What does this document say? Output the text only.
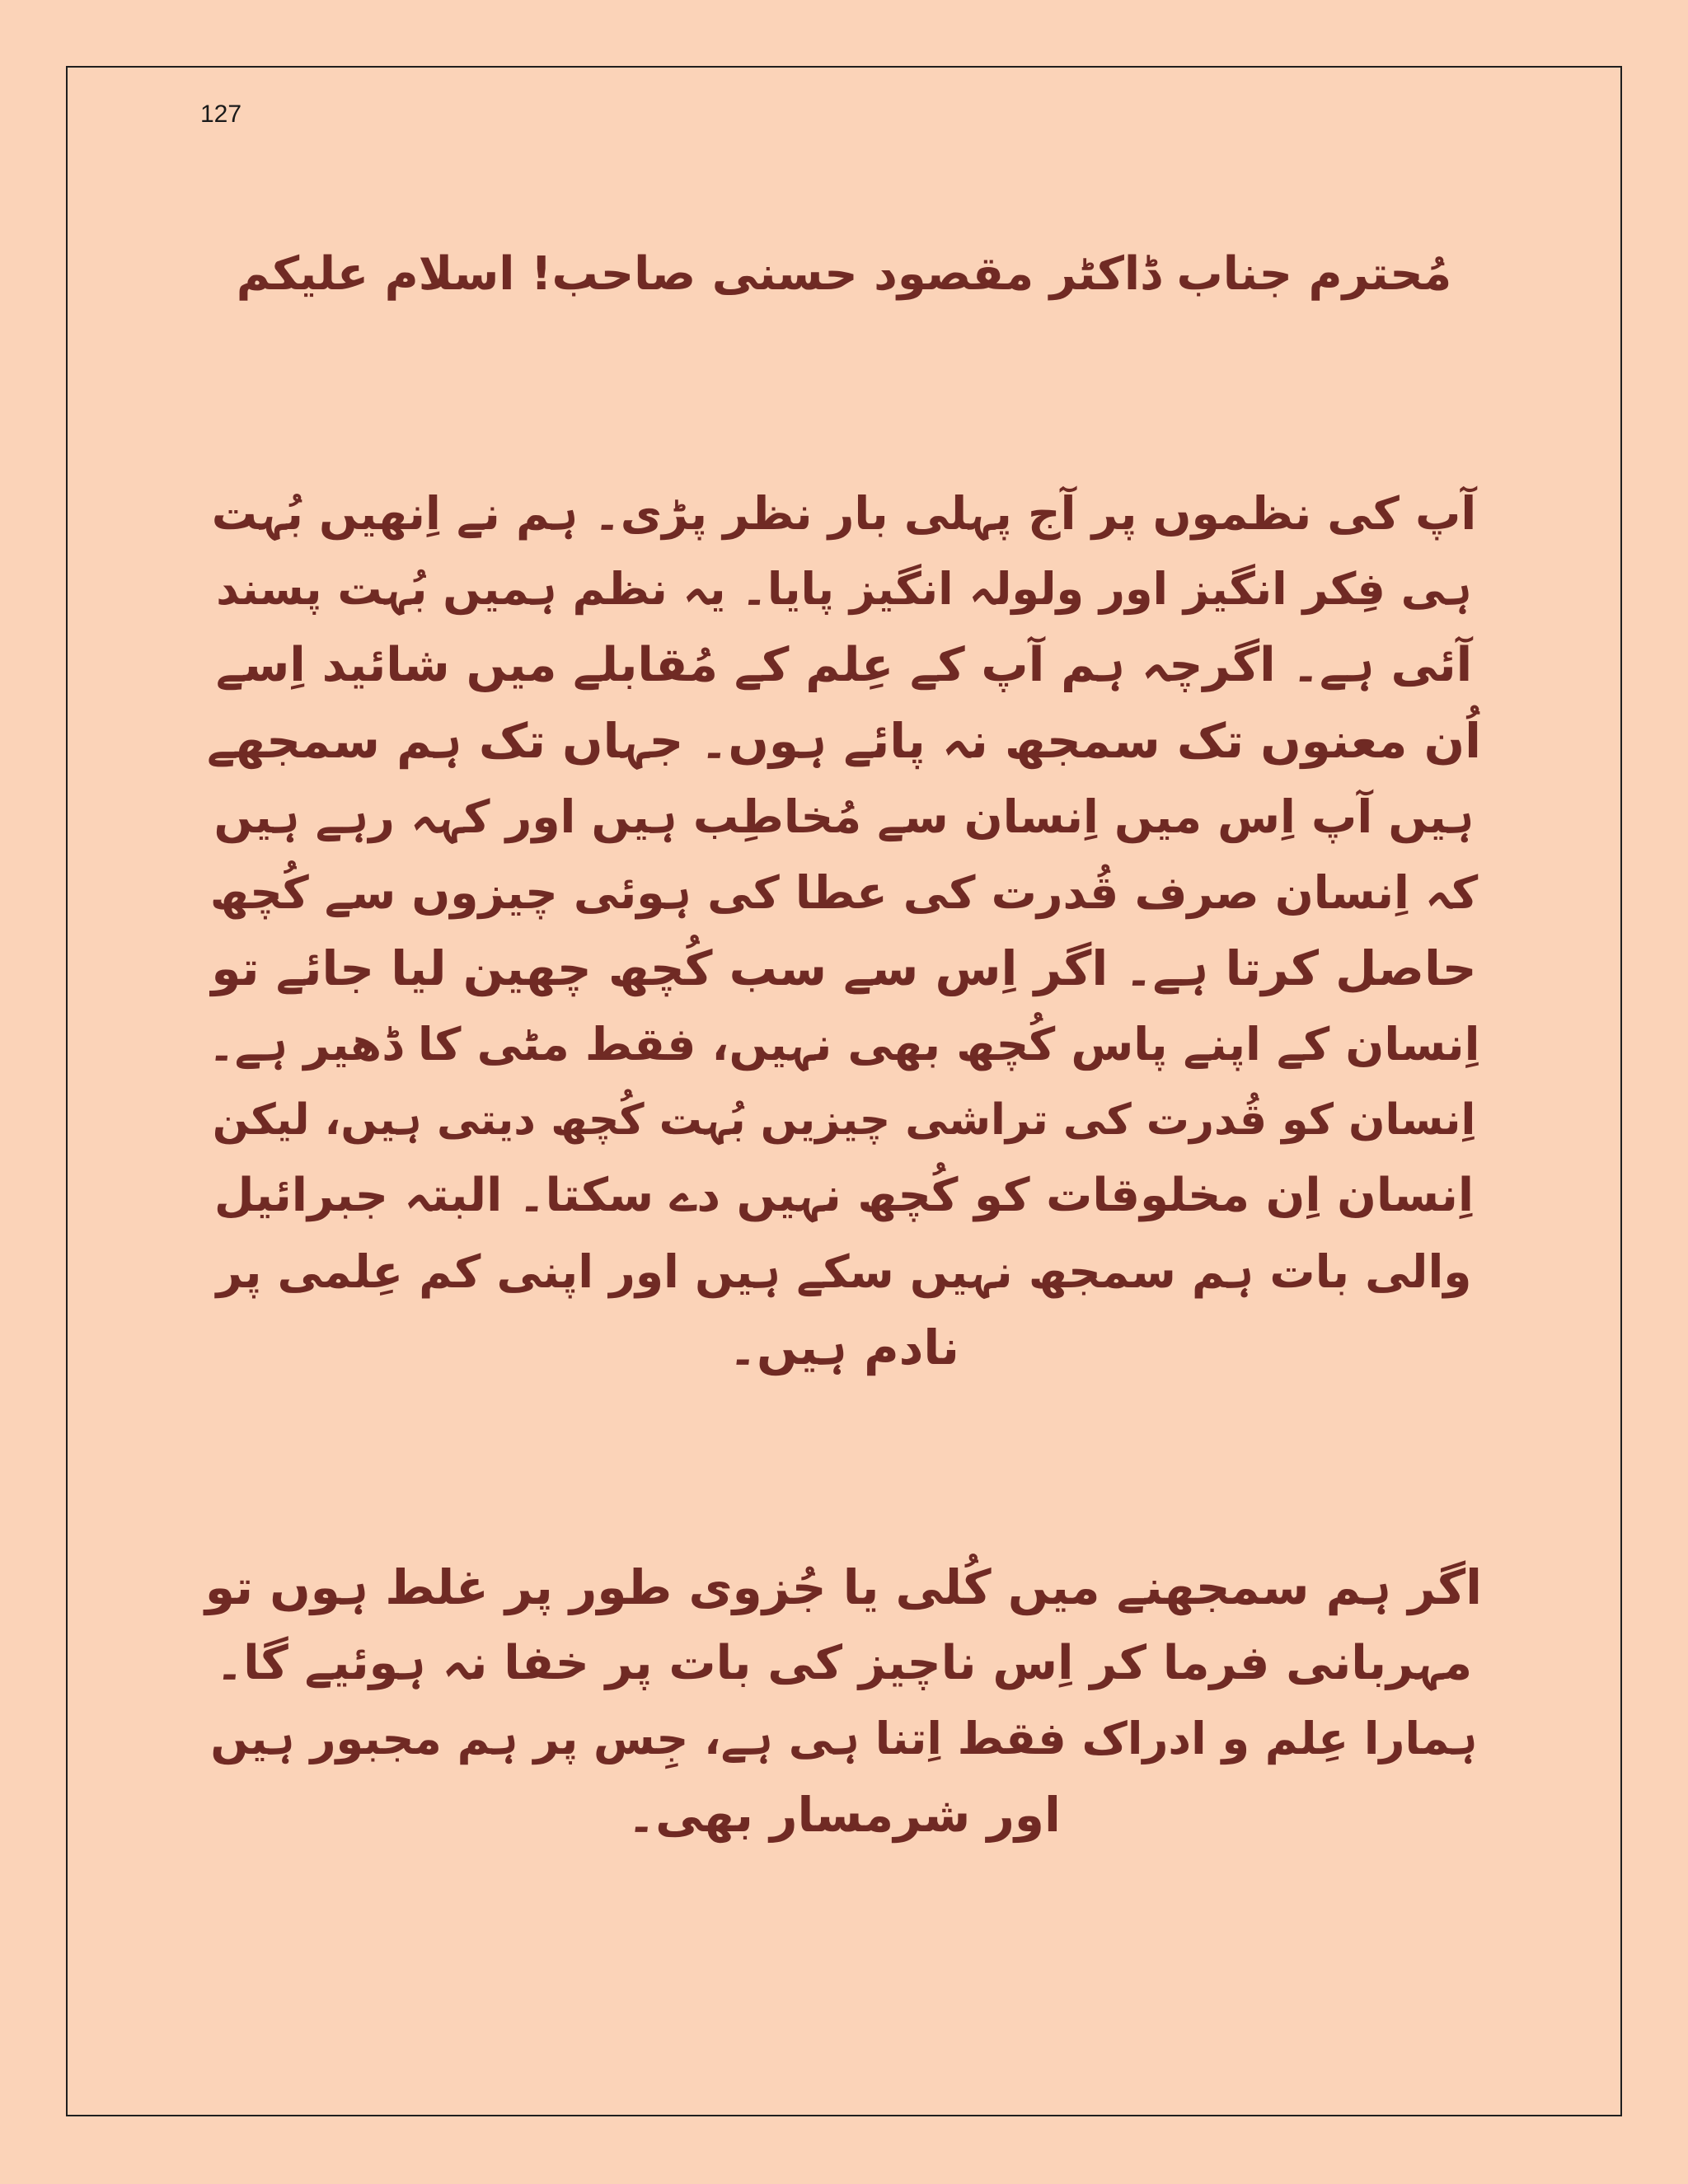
127
مُحترم جناب ڈاکٹر مقصود حسنی صاحب! اسلام علیکم
آپ کی نظموں پر آج پہلی بار نظر پڑی۔ ہم نے اِنھیں بُہت
ہی فِکر انگیز اور ولولہ انگیز پایا۔ یہ نظم ہمیں بُہت پسند
آئی ہے۔ اگرچہ ہم آپ کے عِلم کے مُقابلے میں شائید اِسے
اُن معنوں تک سمجھ نہ پائے ہوں۔ جہاں تک ہم سمجھے
ہیں آپ اِس میں اِنسان سے مُخاطِب ہیں اور کہہ رہے ہیں
کہ اِنسان صرف قُدرت کی عطا کی ہوئی چیزوں سے کُچھ
حاصل کرتا ہے۔ اگر اِس سے سب کُچھ چھین لیا جائے تو
اِنسان کے اپنے پاس کُچھ بھی نہیں، فقط مٹی کا ڈھیر ہے۔
اِنسان کو قُدرت کی تراشی چیزیں بُہت کُچھ دیتی ہیں، لیکن
اِنسان اِن مخلوقات کو کُچھ نہیں دے سکتا۔ البتہ جبرائیل
والی بات ہم سمجھ نہیں سکے ہیں اور اپنی کم عِلمی پر
نادم ہیں۔
اگر ہم سمجھنے میں کُلی یا جُزوی طور پر غلط ہوں تو
مہربانی فرما کر اِس ناچیز کی بات پر خفا نہ ہوئیے گا۔
ہمارا عِلم و ادراک فقط اِتنا ہی ہے، جِس پر ہم مجبور ہیں
اور شرمسار بھی۔
